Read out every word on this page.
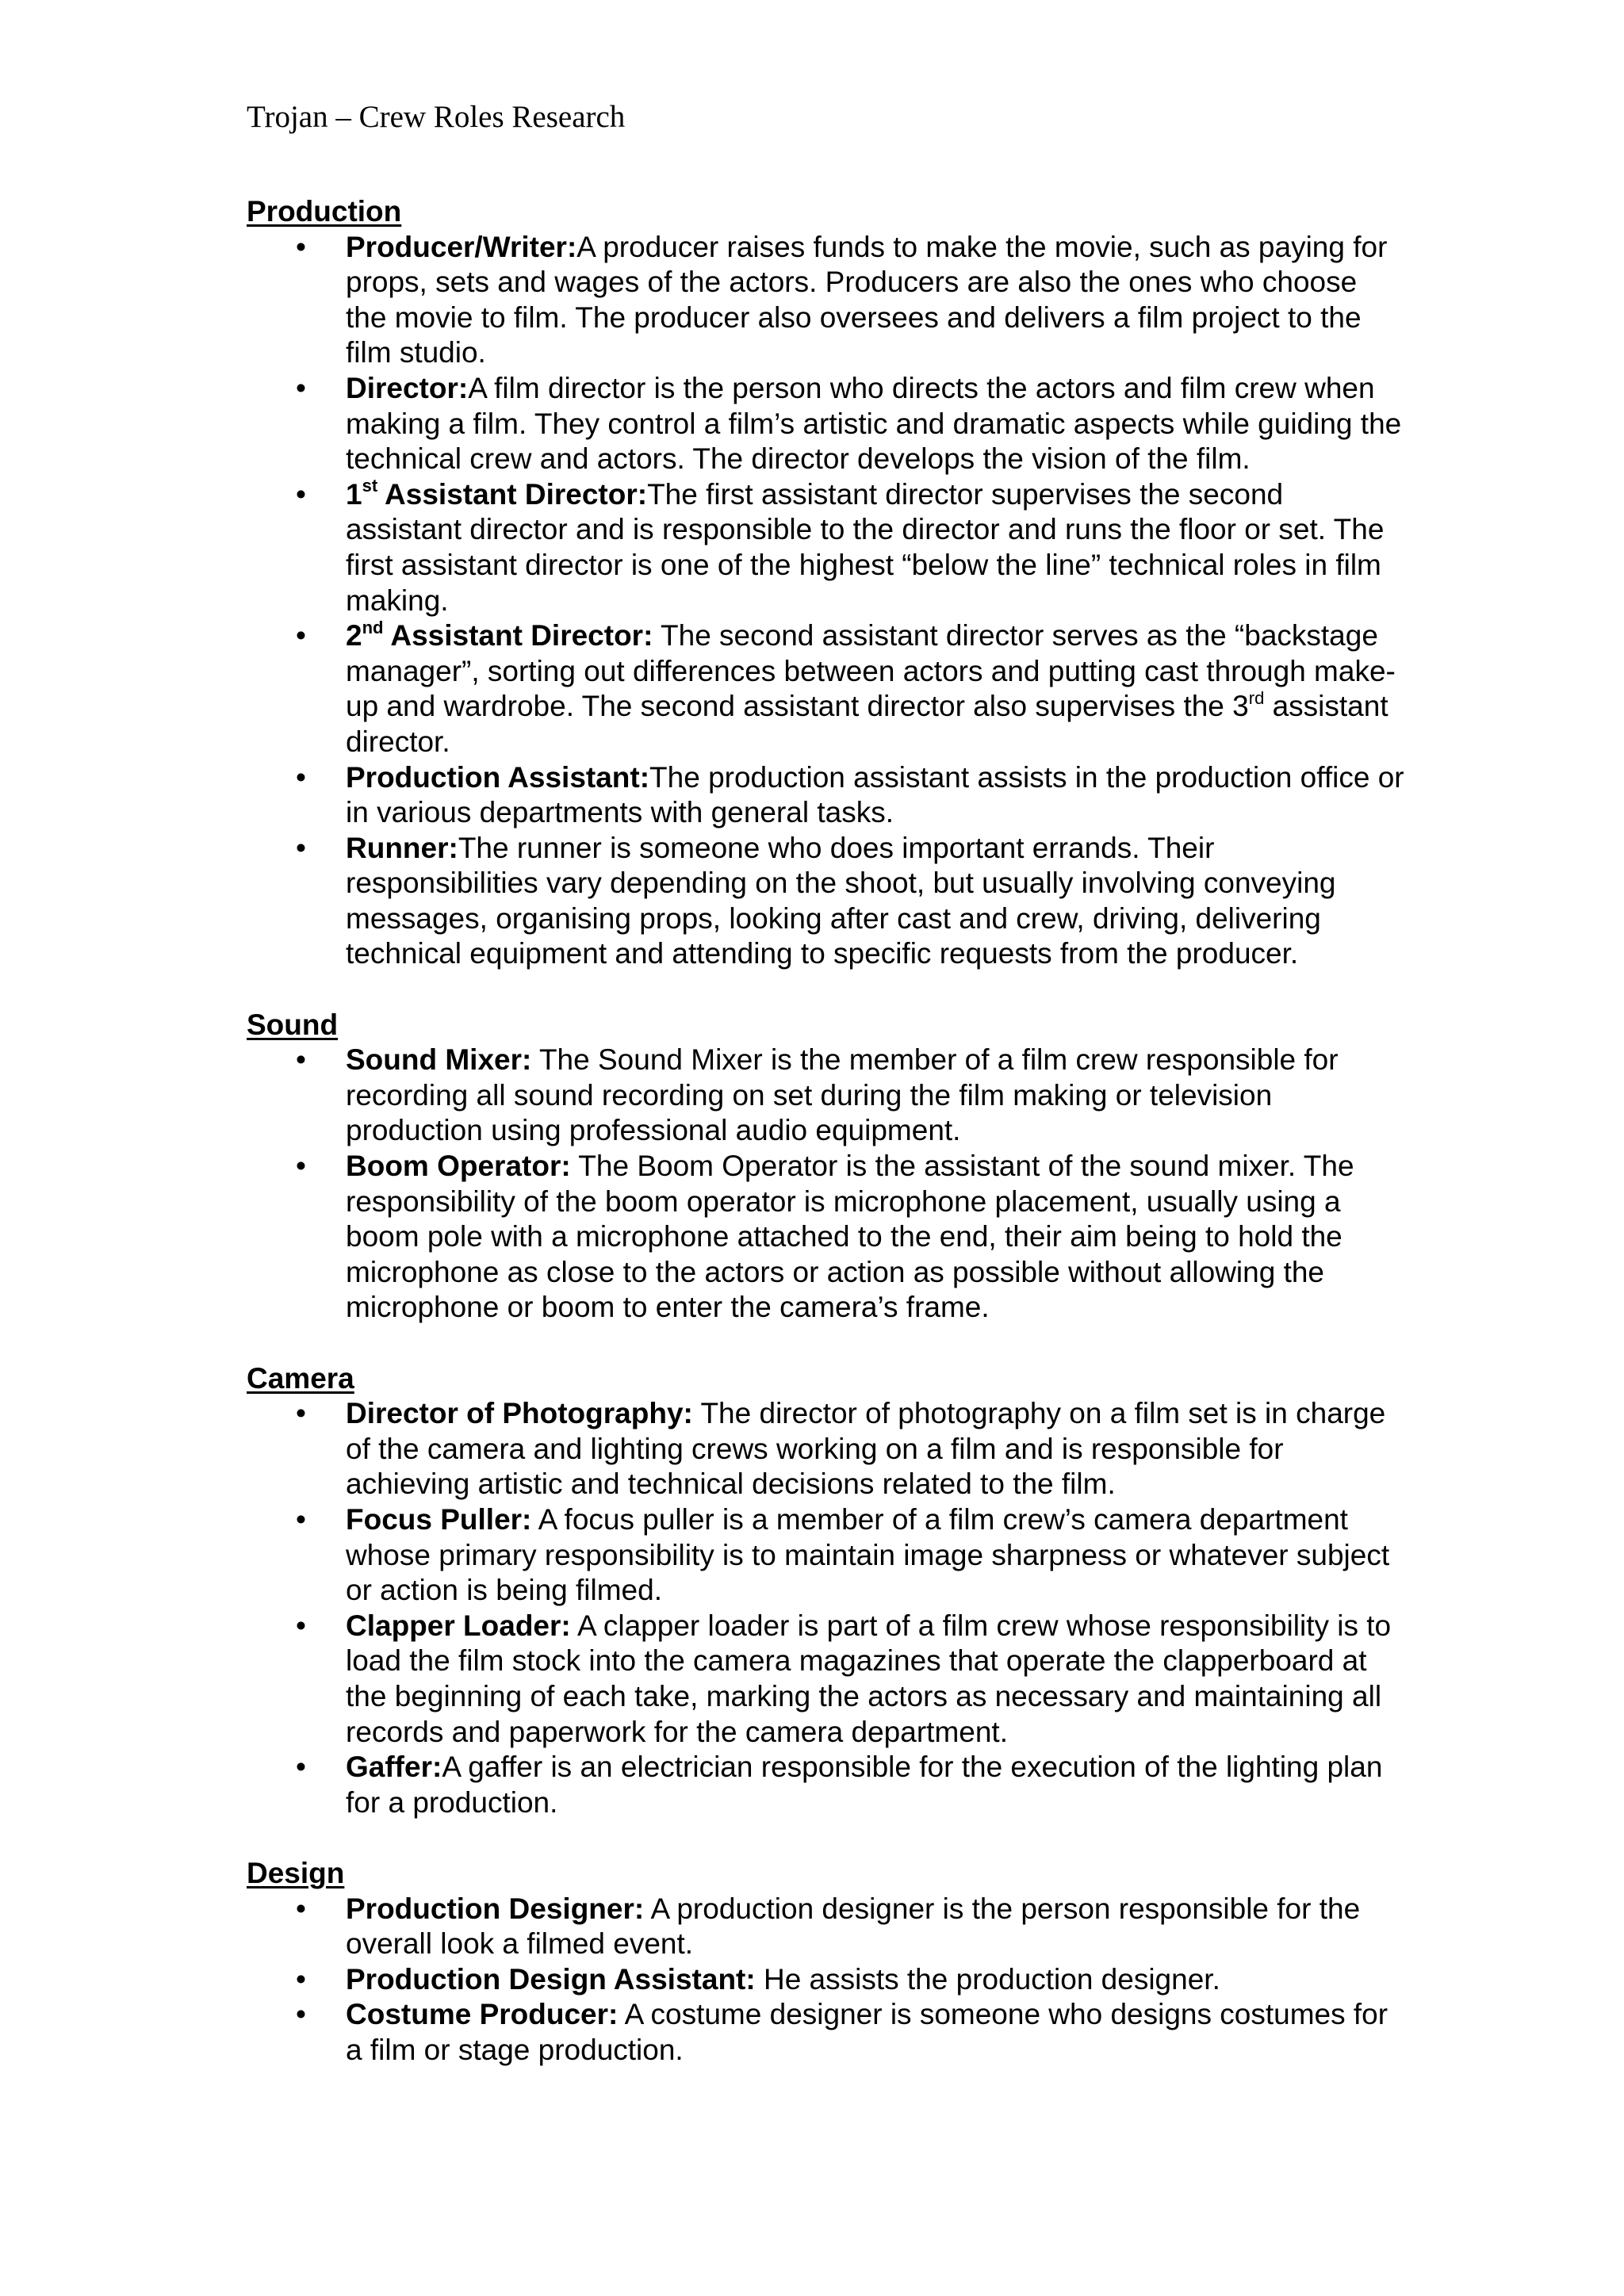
Trojan – Crew Roles Research
Production
• Producer/Writer:A producer raises funds to make the movie, such as paying for props, sets and wages of the actors. Producers are also the ones who choose the movie to film. The producer also oversees and delivers a film project to the film studio.
• Director:A film director is the person who directs the actors and film crew when making a film. They control a film’s artistic and dramatic aspects while guiding the technical crew and actors. The director develops the vision of the film.
• 1st Assistant Director:The first assistant director supervises the second assistant director and is responsible to the director and runs the floor or set. The first assistant director is one of the highest “below the line” technical roles in film making.
• 2nd Assistant Director: The second assistant director serves as the “backstage manager”, sorting out differences between actors and putting cast through make-up and wardrobe. The second assistant director also supervises the 3rd assistant director.
• Production Assistant:The production assistant assists in the production office or in various departments with general tasks.
• Runner:The runner is someone who does important errands. Their responsibilities vary depending on the shoot, but usually involving conveying messages, organising props, looking after cast and crew, driving, delivering technical equipment and attending to specific requests from the producer.
Sound
• Sound Mixer: The Sound Mixer is the member of a film crew responsible for recording all sound recording on set during the film making or television production using professional audio equipment.
• Boom Operator: The Boom Operator is the assistant of the sound mixer. The responsibility of the boom operator is microphone placement, usually using a boom pole with a microphone attached to the end, their aim being to hold the microphone as close to the actors or action as possible without allowing the microphone or boom to enter the camera’s frame.
Camera
• Director of Photography: The director of photography on a film set is in charge of the camera and lighting crews working on a film and is responsible for achieving artistic and technical decisions related to the film.
• Focus Puller: A focus puller is a member of a film crew’s camera department whose primary responsibility is to maintain image sharpness or whatever subject or action is being filmed.
• Clapper Loader: A clapper loader is part of a film crew whose responsibility is to load the film stock into the camera magazines that operate the clapperboard at the beginning of each take, marking the actors as necessary and maintaining all records and paperwork for the camera department.
• Gaffer:A gaffer is an electrician responsible for the execution of the lighting plan for a production.
Design
• Production Designer: A production designer is the person responsible for the overall look a filmed event.
• Production Design Assistant: He assists the production designer.
• Costume Producer: A costume designer is someone who designs costumes for a film or stage production.
